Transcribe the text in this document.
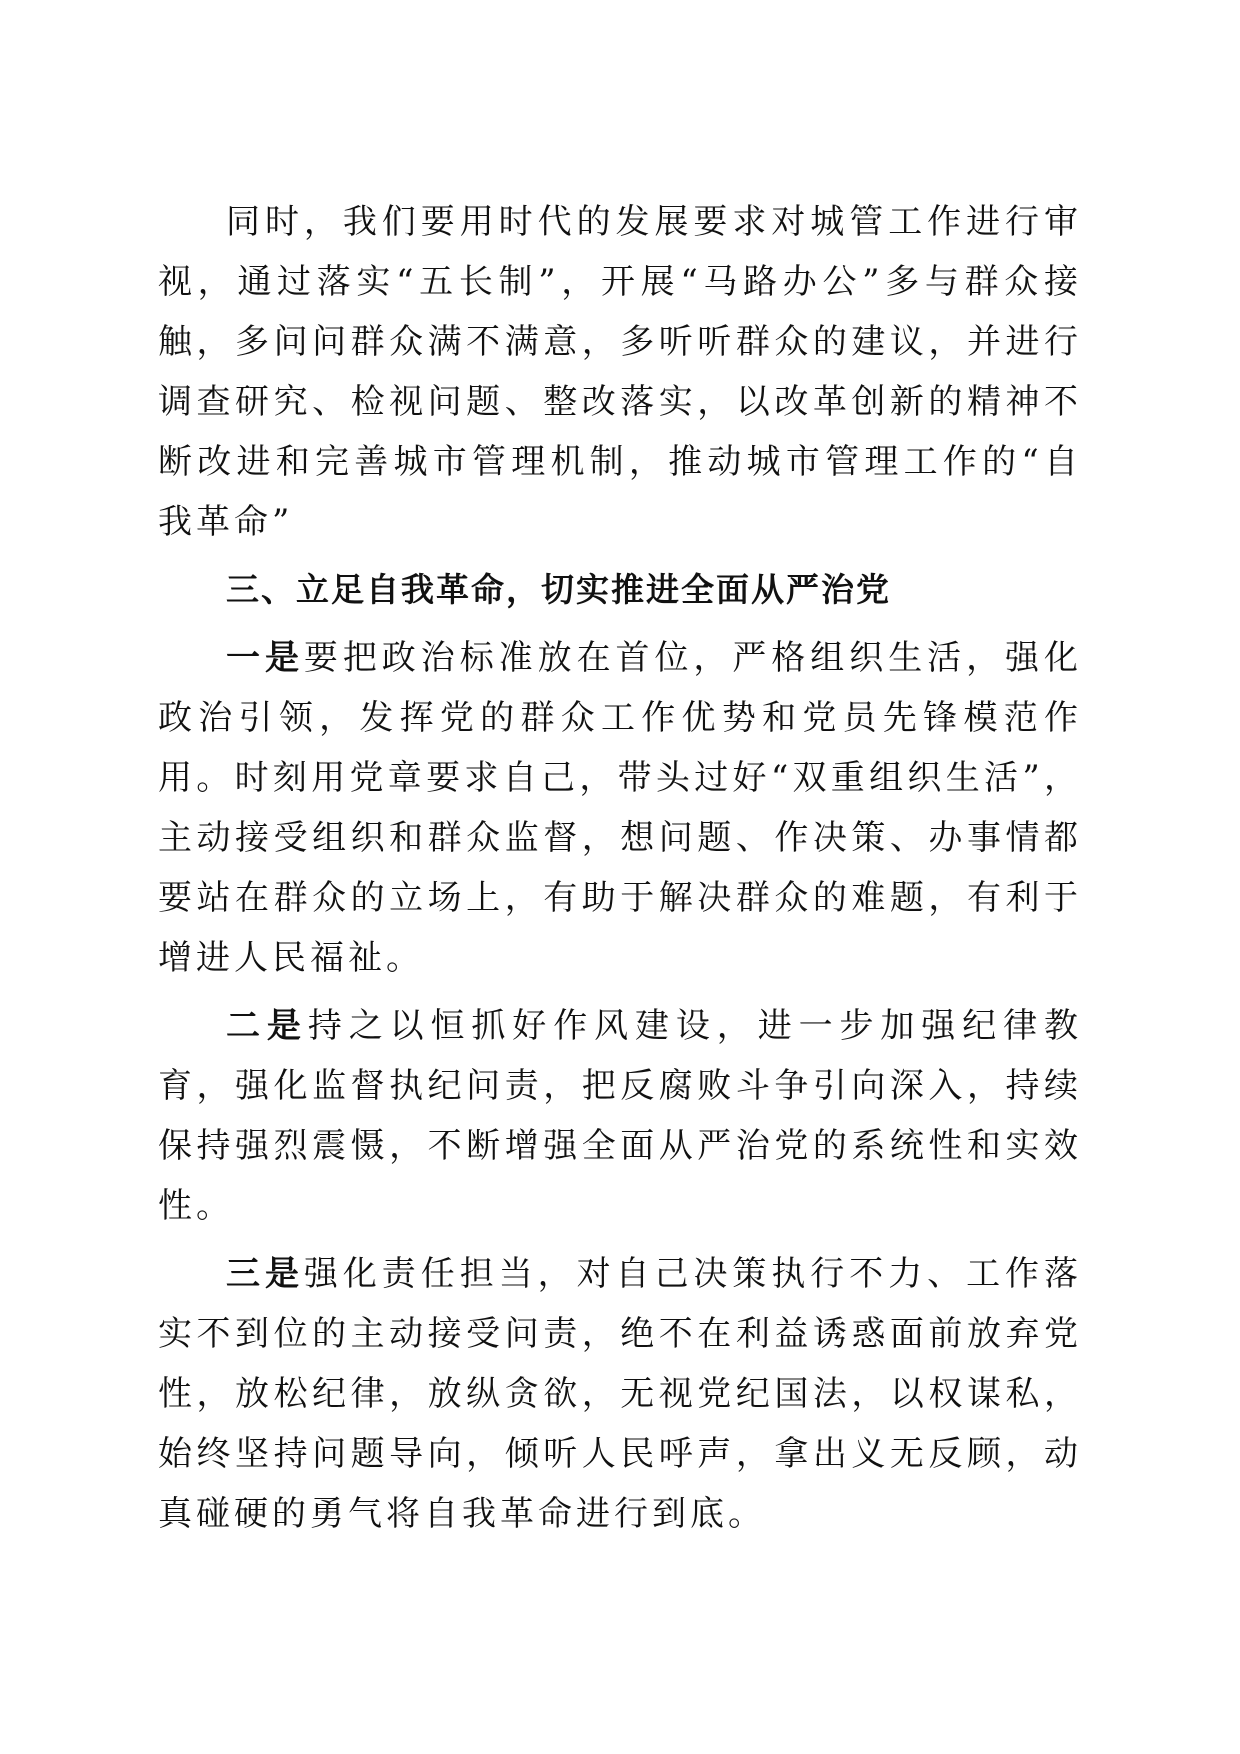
同时，我们要用时代的发展要求对城管工作进行审视，通过落实“五长制”，开展“马路办公”多与群众接触，多问问群众满不满意，多听听群众的建议，并进行调查研究、检视问题、整改落实，以改革创新的精神不断改进和完善城市管理机制，推动城市管理工作的“自我革命”

三、立足自我革命，切实推进全面从严治党

一是要把政治标准放在首位，严格组织生活，强化政治引领，发挥党的群众工作优势和党员先锋模范作用。时刻用党章要求自己，带头过好“双重组织生活”，主动接受组织和群众监督，想问题、作决策、办事情都要站在群众的立场上，有助于解决群众的难题，有利于增进人民福祉。

二是持之以恒抓好作风建设，进一步加强纪律教育，强化监督执纪问责，把反腐败斗争引向深入，持续保持强烈震慑，不断增强全面从严治党的系统性和实效性。

三是强化责任担当，对自己决策执行不力、工作落实不到位的主动接受问责，绝不在利益诱惑面前放弃党性，放松纪律，放纵贪欲，无视党纪国法，以权谋私，始终坚持问题导向，倾听人民呼声，拿出义无反顾，动真碰硬的勇气将自我革命进行到底。
